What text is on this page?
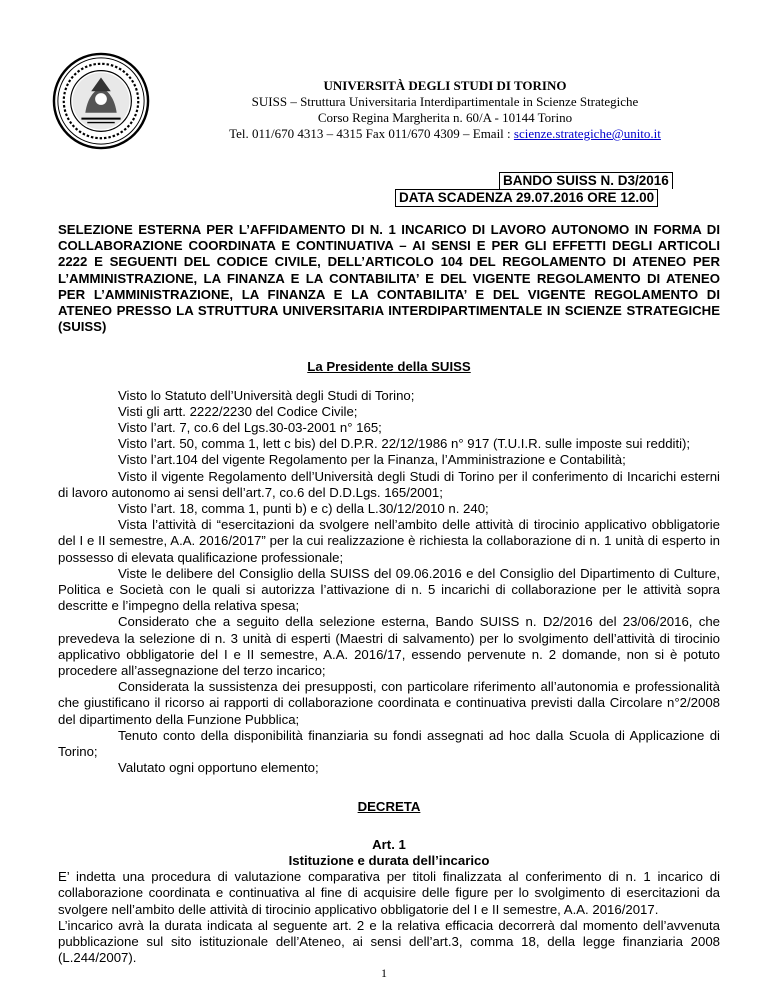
UNIVERSITÀ DEGLI STUDI DI TORINO
SUISS – Struttura Universitaria Interdipartimentale in Scienze Strategiche
Corso Regina Margherita n. 60/A - 10144 Torino
Tel. 011/670 4313 – 4315 Fax 011/670 4309 – Email : scienze.strategiche@unito.it
BANDO SUISS N. D3/2016
DATA SCADENZA 29.07.2016 ORE 12.00

SELEZIONE ESTERNA PER L’AFFIDAMENTO DI N. 1 INCARICO DI LAVORO AUTONOMO IN FORMA DI COLLABORAZIONE COORDINATA E CONTINUATIVA – AI SENSI E PER GLI EFFETTI DEGLI ARTICOLI 2222 E SEGUENTI DEL CODICE CIVILE, DELL’ARTICOLO 104 DEL REGOLAMENTO DI ATENEO PER L’AMMINISTRAZIONE, LA FINANZA E LA CONTABILITA’ E DEL VIGENTE REGOLAMENTO DI ATENEO PER L’AMMINISTRAZIONE, LA FINANZA E LA CONTABILITA’ E DEL VIGENTE REGOLAMENTO DI ATENEO PRESSO LA STRUTTURA UNIVERSITARIA INTERDIPARTIMENTALE IN SCIENZE STRATEGICHE (SUISS)

La Presidente della SUISS

Visto lo Statuto dell’Università degli Studi di Torino;

Visti gli artt. 2222/2230 del Codice Civile;

Visto l’art. 7, co.6 del Lgs.30-03-2001 n° 165;

Visto l’art. 50, comma 1, lett c bis) del D.P.R. 22/12/1986 n° 917 (T.U.I.R. sulle imposte sui redditi);

Visto l’art.104 del vigente Regolamento per la Finanza, l’Amministrazione e Contabilità;

Visto il vigente Regolamento dell’Università degli Studi di Torino per il conferimento di Incarichi esterni di lavoro autonomo ai sensi dell’art.7, co.6 del D.D.Lgs. 165/2001;

Visto l’art. 18, comma 1, punti b) e c) della L.30/12/2010 n. 240;

Vista l’attività di “esercitazioni da svolgere nell’ambito delle attività di tirocinio applicativo obbligatorie del I e II semestre, A.A. 2016/2017” per la cui realizzazione è richiesta la collaborazione di n. 1 unità di esperto in possesso di elevata qualificazione professionale;

Viste le delibere del Consiglio della SUISS del 09.06.2016 e del Consiglio del Dipartimento di Culture, Politica e Società con le quali si autorizza l’attivazione di n. 5 incarichi di collaborazione per le attività sopra descritte e l’impegno della relativa spesa;

Considerato che a seguito della selezione esterna, Bando SUISS n. D2/2016 del 23/06/2016, che prevedeva la selezione di n. 3 unità di esperti (Maestri di salvamento) per lo svolgimento dell’attività di tirocinio applicativo obbligatorie del I e II semestre, A.A. 2016/17, essendo pervenute n. 2 domande, non si è potuto procedere all’assegnazione del terzo incarico;

Considerata la sussistenza dei presupposti, con particolare riferimento all’autonomia e professionalità che giustificano il ricorso ai rapporti di collaborazione coordinata e continuativa previsti dalla Circolare n°2/2008 del dipartimento della Funzione Pubblica;

Tenuto conto della disponibilità finanziaria su fondi assegnati ad hoc dalla Scuola di Applicazione di Torino;

Valutato ogni opportuno elemento;

DECRETA
Art. 1
Istituzione e durata dell’incarico

E’ indetta una procedura di valutazione comparativa per titoli finalizzata al conferimento di n. 1 incarico di collaborazione coordinata e continuativa al fine di acquisire delle figure per lo svolgimento di esercitazioni da svolgere nell’ambito delle attività di tirocinio applicativo obbligatorie del I e II semestre, A.A. 2016/2017.

L’incarico avrà la durata indicata al seguente art. 2 e la relativa efficacia decorrerà dal momento dell’avvenuta pubblicazione sul sito istituzionale dell’Ateneo, ai sensi dell’art.3, comma 18, della legge finanziaria 2008 (L.244/2007).

1
